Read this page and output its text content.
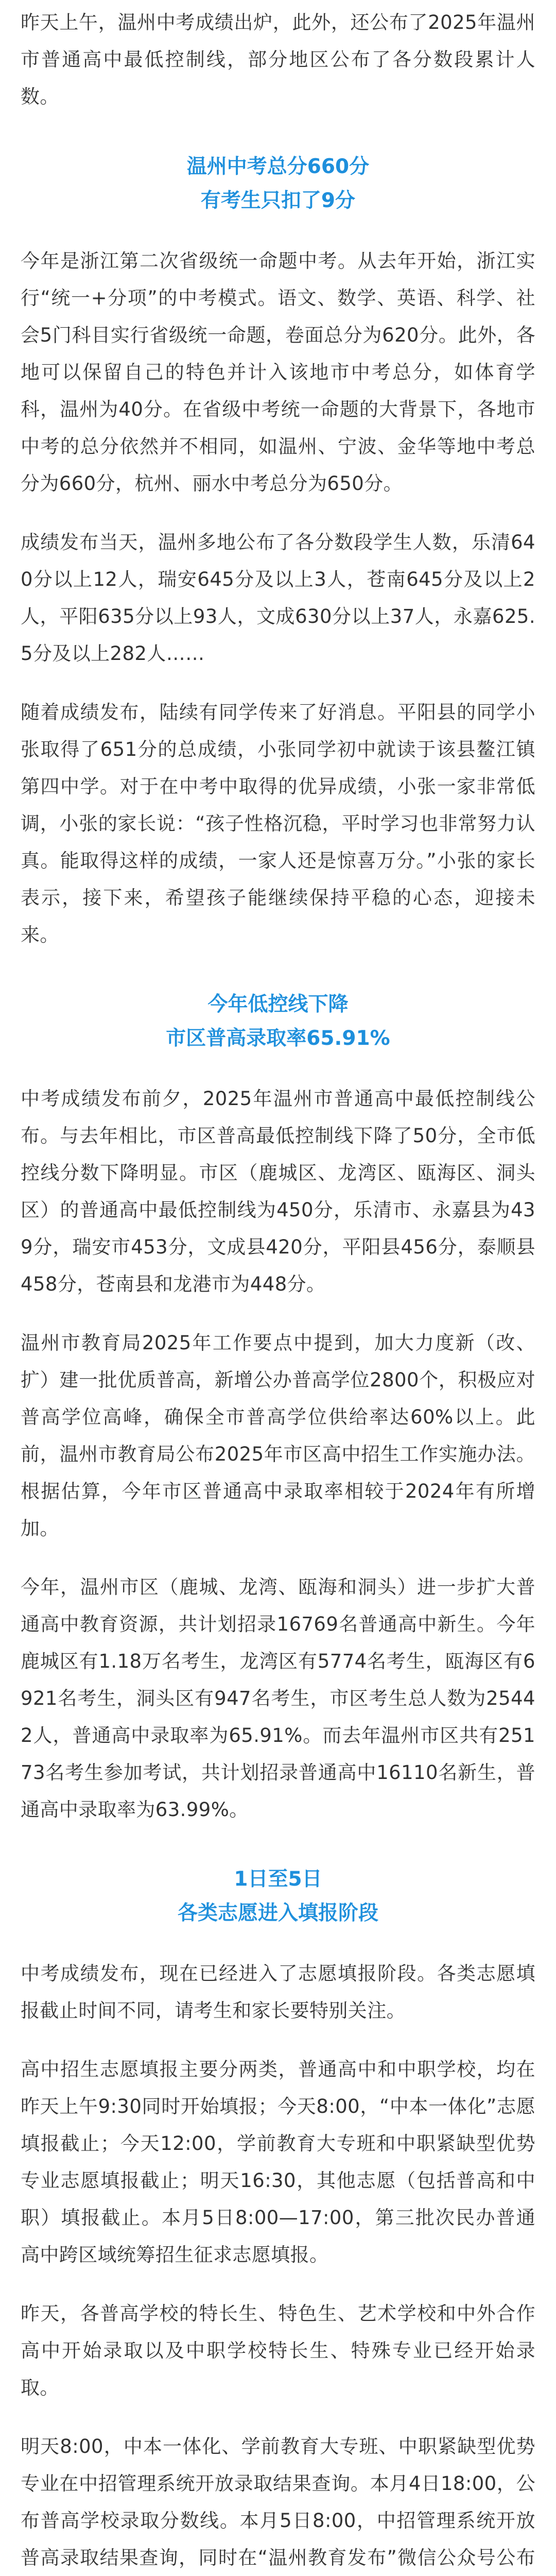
昨天上午，温州中考成绩出炉，此外，还公布了2025年温州市普通高中最低控制线，部分地区公布了各分数段累计人数。

温州中考总分660分
有考生只扣了9分

今年是浙江第二次省级统一命题中考。从去年开始，浙江实行“统一+分项”的中考模式。语文、数学、英语、科学、社会5门科目实行省级统一命题，卷面总分为620分。此外，各地可以保留自己的特色并计入该地市中考总分，如体育学科，温州为40分。在省级中考统一命题的大背景下，各地市中考的总分依然并不相同，如温州、宁波、金华等地中考总分为660分，杭州、丽水中考总分为650分。

成绩发布当天，温州多地公布了各分数段学生人数，乐清640分以上12人，瑞安645分及以上3人，苍南645分及以上2人，平阳635分以上93人，文成630分以上37人，永嘉625.5分及以上282人……

随着成绩发布，陆续有同学传来了好消息。平阳县的同学小张取得了651分的总成绩，小张同学初中就读于该县鳌江镇第四中学。对于在中考中取得的优异成绩，小张一家非常低调，小张的家长说：“孩子性格沉稳，平时学习也非常努力认真。能取得这样的成绩，一家人还是惊喜万分。”小张的家长表示，接下来，希望孩子能继续保持平稳的心态，迎接未来。

今年低控线下降
市区普高录取率65.91%

中考成绩发布前夕，2025年温州市普通高中最低控制线公布。与去年相比，市区普高最低控制线下降了50分，全市低控线分数下降明显。市区（鹿城区、龙湾区、瓯海区、洞头区）的普通高中最低控制线为450分，乐清市、永嘉县为439分，瑞安市453分，文成县420分，平阳县456分，泰顺县458分，苍南县和龙港市为448分。

温州市教育局2025年工作要点中提到，加大力度新（改、扩）建一批优质普高，新增公办普高学位2800个，积极应对普高学位高峰，确保全市普高学位供给率达60%以上。此前，温州市教育局公布2025年市区高中招生工作实施办法。根据估算，今年市区普通高中录取率相较于2024年有所增加。

今年，温州市区（鹿城、龙湾、瓯海和洞头）进一步扩大普通高中教育资源，共计划招录16769名普通高中新生。今年鹿城区有1.18万名考生，龙湾区有5774名考生，瓯海区有6921名考生，洞头区有947名考生，市区考生总人数为25442人，普通高中录取率为65.91%。而去年温州市区共有25173名考生参加考试，共计划招录普通高中16110名新生，普通高中录取率为63.99%。

1日至5日
各类志愿进入填报阶段

中考成绩发布，现在已经进入了志愿填报阶段。各类志愿填报截止时间不同，请考生和家长要特别关注。

高中招生志愿填报主要分两类，普通高中和中职学校，均在昨天上午9:30同时开始填报；今天8:00，“中本一体化”志愿填报截止；今天12:00，学前教育大专班和中职紧缺型优势专业志愿填报截止；明天16:30，其他志愿（包括普高和中职）填报截止。本月5日8:00—17:00，第三批次民办普通高中跨区域统筹招生征求志愿填报。

昨天，各普高学校的特长生、特色生、艺术学校和中外合作高中开始录取以及中职学校特长生、特殊专业已经开始录取。

明天8:00，中本一体化、学前教育大专班、中职紧缺型优势专业在中招管理系统开放录取结果查询。本月4日18:00，公布普高学校录取分数线。本月5日8:00，中招管理系统开放普高录取结果查询，同时在“温州教育发布”微信公众号公布
